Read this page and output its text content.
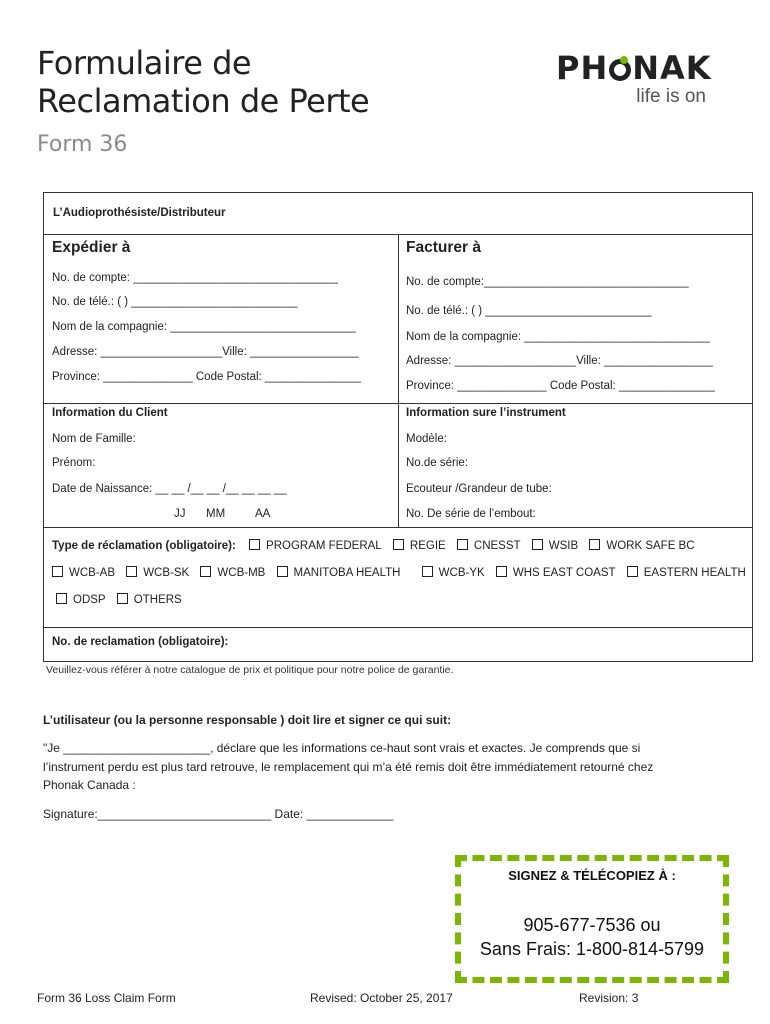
Formulaire de
Reclamation de Perte
Form 36
PH NAK
life is on
L’Audioprothésiste/Distributeur
Expédier à
No. de compte: ________________________________
No. de télé.: ( ) __________________________
Nom de la compagnie: _____________________________
Adresse: ___________________Ville: _________________
Province: ______________ Code Postal: _______________
Facturer à
No. de compte:________________________________
No. de télé.: ( ) __________________________
Nom de la compagnie: _____________________________
Adresse: ___________________Ville: _________________
Province: ______________ Code Postal: _______________
Information du Client
Nom de Famille:
Prénom:
Date de Naissance: __ __ /__ __ /__ __ __ __
JJ MM	AA
Information sure l’instrument
Modèle:
No.de série:
Ecouteur /Grandeur de tube:
No. De série de l’embout:
Type de réclamation (obligatoire):	PROGRAM FEDERAL REGIE CNESST WSIB WORK SAFE BC
WCB-AB WCB-SK WCB-MB MANITOBA HEALTH	WCB-YK WHS EAST COAST EASTERN HEALTH
ODSP OTHERS
No. de reclamation (obligatoire):
Veuillez-vous référer à notre catalogue de prix et politique pour notre police de garantie.
L’utilisateur (ou la personne responsable ) doit lire et signer ce qui suit:
"Je ______________________, déclare que les informations ce-haut sont vrais et exactes. Je comprends que si
l’instrument perdu est plus tard retrouve, le remplacement qui m’a été remis doit être immédiatement retourné chez
Phonak Canada :
Signature:__________________________ Date: _____________
SIGNEZ & TÉLÉCOPIEZ À :
905-677-7536 ou
Sans Frais: 1-800-814-5799
Form 36 Loss Claim Form	Revised: October 25, 2017	Revision: 3
